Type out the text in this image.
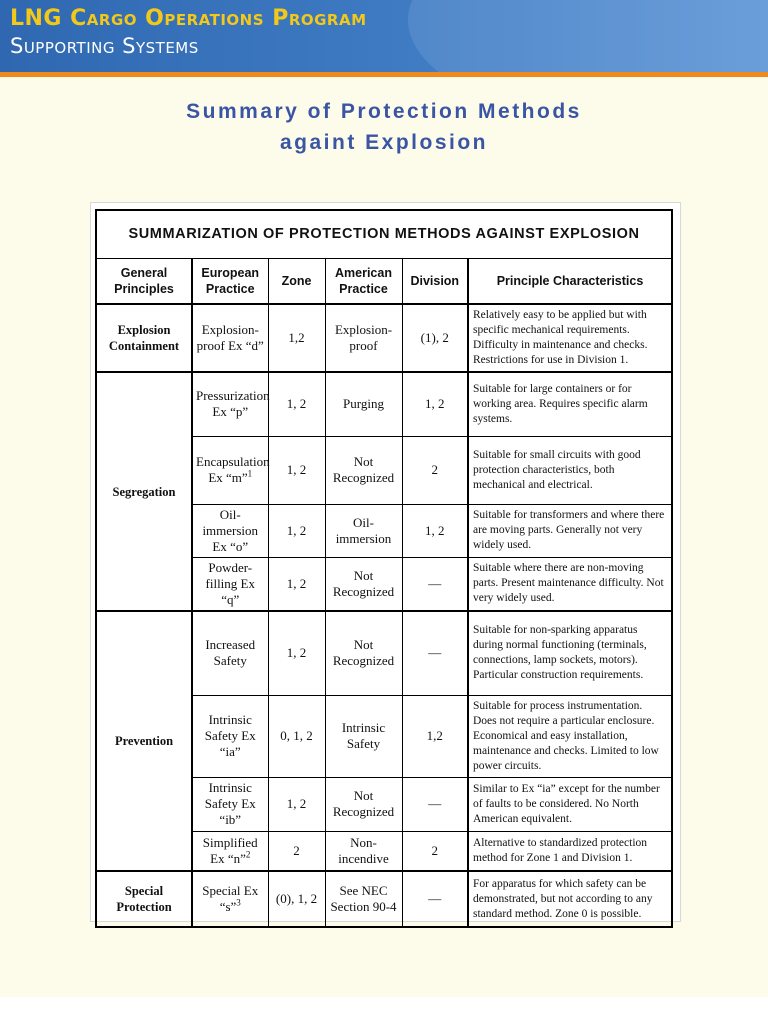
LNG Cargo Operations Program
Supporting Systems
Summary of Protection Methods
againt Explosion
SUMMARIZATION OF PROTECTION METHODS AGAINST EXPLOSION					
General Principles	European Practice	Zone	American Practice	Division	Principle Characteristics
Explosion Containment	Explosion-proof Ex “d”	1,2	Explosion-proof	(1), 2	Relatively easy to be applied but with specific mechanical requirements. Difficulty in maintenance and checks. Restrictions for use in Division 1.
Segregation	Pressurization Ex “p”	1, 2	Purging	1, 2	Suitable for large containers or for working area. Requires specific alarm systems.
	Encapsulation Ex “m”$^1$	1, 2	Not Recognized	2	Suitable for small circuits with good protection characteristics, both mechanical and electrical.
	Oil-immersion Ex “o”	1, 2	Oil-immersion	1, 2	Suitable for transformers and where there are moving parts. Generally not very widely used.
	Powder-filling Ex “q”	1, 2	Not Recognized	—	Suitable where there are non-moving parts. Present maintenance difficulty. Not very widely used.
Prevention	Increased Safety	1, 2	Not Recognized	—	Suitable for non-sparking apparatus during normal functioning (terminals, connections, lamp sockets, motors). Particular construction requirements.
	Intrinsic Safety Ex “ia”	0, 1, 2	Intrinsic Safety	1,2	Suitable for process instrumentation. Does not require a particular enclosure. Economical and easy installation, maintenance and checks. Limited to low power circuits.
	Intrinsic Safety Ex “ib”	1, 2	Not Recognized	—	Similar to Ex “ia” except for the number of faults to be considered. No North American equivalent.
	Simplified Ex “n”$^2$	2	Non-incendive	2	Alternative to standardized protection method for Zone 1 and Division 1.
Special Protection	Special Ex “s”$^3$	(0), 1, 2	See NEC Section 90-4	—	For apparatus for which safety can be demonstrated, but not according to any standard method. Zone 0 is possible.
